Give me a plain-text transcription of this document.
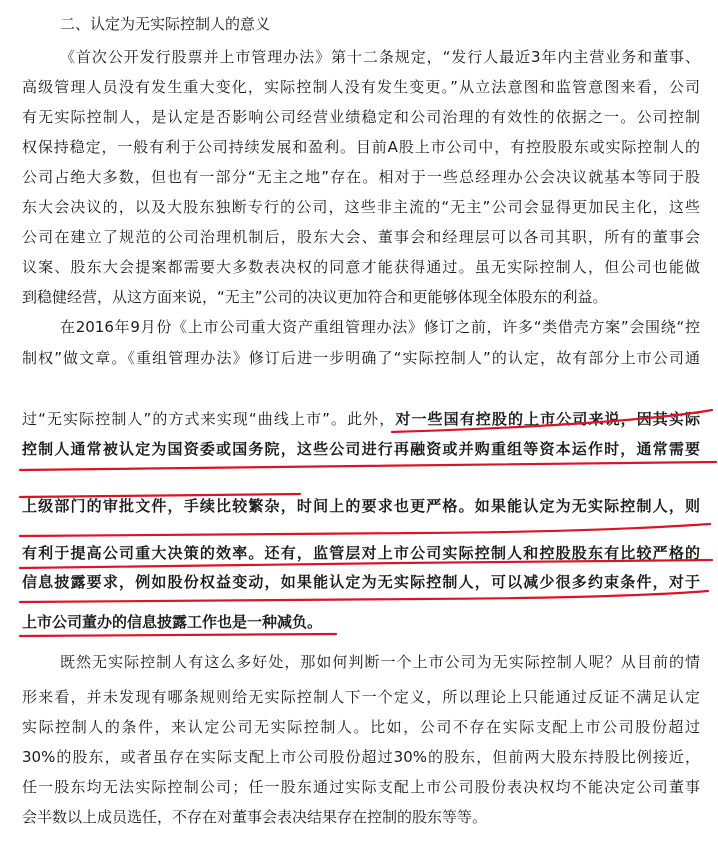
二、认定为无实际控制人的意义
《首次公开发行股票并上市管理办法》第十二条规定，“发行人最近3年内主营业务和董事、
高级管理人员没有发生重大变化，实际控制人没有发生变更。”从立法意图和监管意图来看，公司
有无实际控制人，是认定是否影响公司经营业绩稳定和公司治理的有效性的依据之一。公司控制
权保持稳定，一般有利于公司持续发展和盈利。目前A股上市公司中，有控股股东或实际控制人的
公司占绝大多数，但也有一部分“无主之地”存在。相对于一些总经理办公会决议就基本等同于股
东大会决议的，以及大股东独断专行的公司，这些非主流的“无主”公司会显得更加民主化，这些
公司在建立了规范的公司治理机制后，股东大会、董事会和经理层可以各司其职，所有的董事会
议案、股东大会提案都需要大多数表决权的同意才能获得通过。虽无实际控制人，但公司也能做
到稳健经营，从这方面来说，“无主”公司的决议更加符合和更能够体现全体股东的利益。
在2016年9月份《上市公司重大资产重组管理办法》修订之前，许多“类借壳方案”会围绕“控
制权”做文章。《重组管理办法》修订后进一步明确了“实际控制人”的认定，故有部分上市公司通
过“无实际控制人”的方式来实现“曲线上市”。此外，对一些国有控股的上市公司来说，因其实际
控制人通常被认定为国资委或国务院，这些公司进行再融资或并购重组等资本运作时，通常需要
上级部门的审批文件，手续比较繁杂，时间上的要求也更严格。如果能认定为无实际控制人，则
有利于提高公司重大决策的效率。还有，监管层对上市公司实际控制人和控股股东有比较严格的
信息披露要求，例如股份权益变动，如果能认定为无实际控制人，可以减少很多约束条件，对于
上市公司董办的信息披露工作也是一种减负。
既然无实际控制人有这么多好处，那如何判断一个上市公司为无实际控制人呢？从目前的情
形来看，并未发现有哪条规则给无实际控制人下一个定义，所以理论上只能通过反证不满足认定
实际控制人的条件，来认定公司无实际控制人。比如，公司不存在实际支配上市公司股份超过
30%的股东，或者虽存在实际支配上市公司股份超过30%的股东，但前两大股东持股比例接近，
任一股东均无法实际控制公司；任一股东通过实际支配上市公司股份表决权均不能决定公司董事
会半数以上成员选任，不存在对董事会表决结果存在控制的股东等等。
